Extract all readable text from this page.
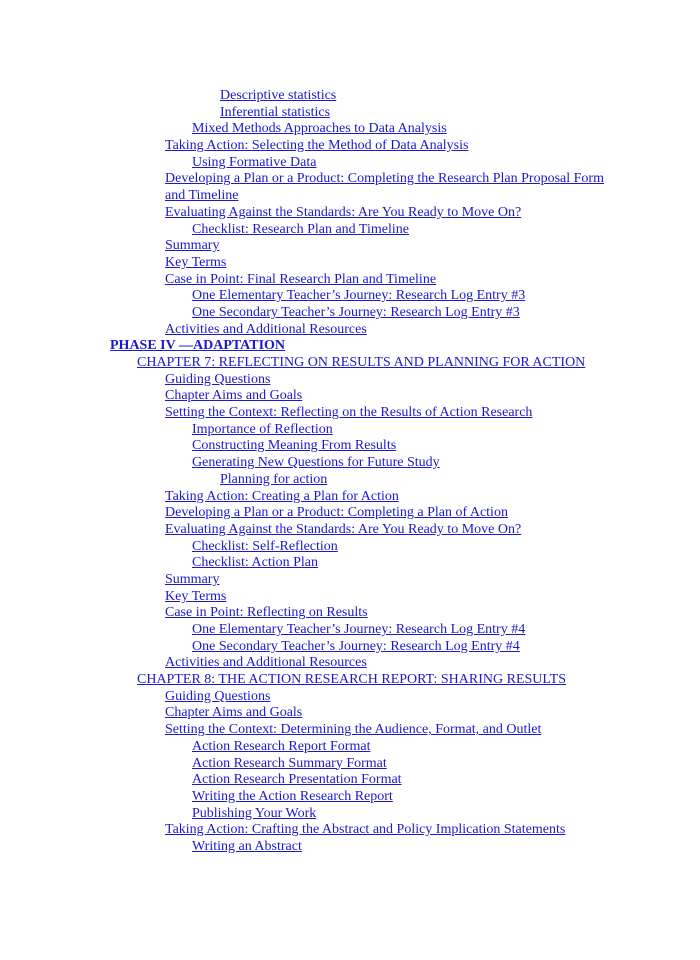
Descriptive statistics
Inferential statistics
Mixed Methods Approaches to Data Analysis
Taking Action: Selecting the Method of Data Analysis
Using Formative Data
Developing a Plan or a Product: Completing the Research Plan Proposal Form and Timeline
Evaluating Against the Standards: Are You Ready to Move On?
Checklist: Research Plan and Timeline
Summary
Key Terms
Case in Point: Final Research Plan and Timeline
One Elementary Teacher’s Journey: Research Log Entry #3
One Secondary Teacher’s Journey: Research Log Entry #3
Activities and Additional Resources
PHASE IV —ADAPTATION
CHAPTER 7: REFLECTING ON RESULTS AND PLANNING FOR ACTION
Guiding Questions
Chapter Aims and Goals
Setting the Context: Reflecting on the Results of Action Research
Importance of Reflection
Constructing Meaning From Results
Generating New Questions for Future Study
Planning for action
Taking Action: Creating a Plan for Action
Developing a Plan or a Product: Completing a Plan of Action
Evaluating Against the Standards: Are You Ready to Move On?
Checklist: Self-Reflection
Checklist: Action Plan
Summary
Key Terms
Case in Point: Reflecting on Results
One Elementary Teacher’s Journey: Research Log Entry #4
One Secondary Teacher’s Journey: Research Log Entry #4
Activities and Additional Resources
CHAPTER 8: THE ACTION RESEARCH REPORT: SHARING RESULTS
Guiding Questions
Chapter Aims and Goals
Setting the Context: Determining the Audience, Format, and Outlet
Action Research Report Format
Action Research Summary Format
Action Research Presentation Format
Writing the Action Research Report
Publishing Your Work
Taking Action: Crafting the Abstract and Policy Implication Statements
Writing an Abstract
